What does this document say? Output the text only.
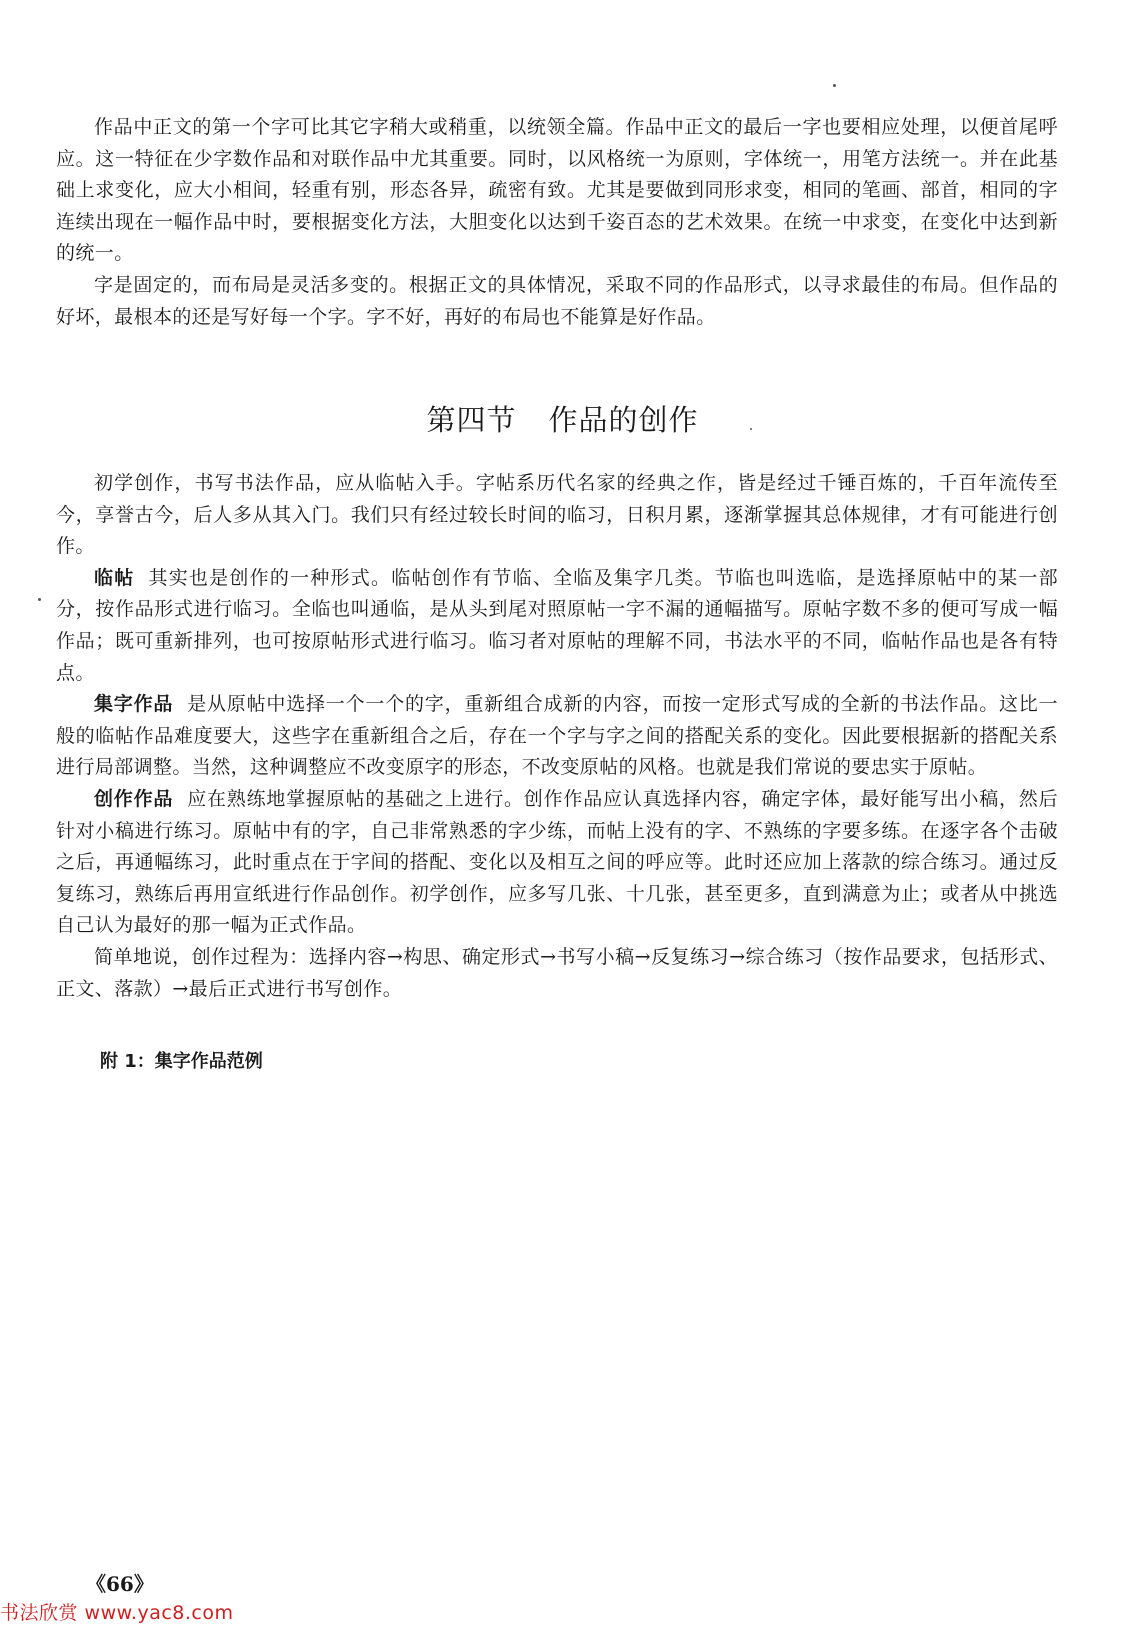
作品中正文的第一个字可比其它字稍大或稍重，以统领全篇。作品中正文的最后一字也要相应处理，以便首尾呼应。这一特征在少字数作品和对联作品中尤其重要。同时，以风格统一为原则，字体统一，用笔方法统一。并在此基础上求变化，应大小相间，轻重有别，形态各异，疏密有致。尤其是要做到同形求变，相同的笔画、部首，相同的字连续出现在一幅作品中时，要根据变化方法，大胆变化以达到千姿百态的艺术效果。在统一中求变，在变化中达到新的统一。

字是固定的，而布局是灵活多变的。根据正文的具体情况，采取不同的作品形式，以寻求最佳的布局。但作品的好坏，最根本的还是写好每一个字。字不好，再好的布局也不能算是好作品。

第四节 作品的创作

初学创作，书写书法作品，应从临帖入手。字帖系历代名家的经典之作，皆是经过千锤百炼的，千百年流传至今，享誉古今，后人多从其入门。我们只有经过较长时间的临习，日积月累，逐渐掌握其总体规律，才有可能进行创作。

临帖 其实也是创作的一种形式。临帖创作有节临、全临及集字几类。节临也叫选临，是选择原帖中的某一部分，按作品形式进行临习。全临也叫通临，是从头到尾对照原帖一字不漏的通幅描写。原帖字数不多的便可写成一幅作品；既可重新排列，也可按原帖形式进行临习。临习者对原帖的理解不同，书法水平的不同，临帖作品也是各有特点。

集字作品 是从原帖中选择一个一个的字，重新组合成新的内容，而按一定形式写成的全新的书法作品。这比一般的临帖作品难度要大，这些字在重新组合之后，存在一个字与字之间的搭配关系的变化。因此要根据新的搭配关系进行局部调整。当然，这种调整应不改变原字的形态，不改变原帖的风格。也就是我们常说的要忠实于原帖。

创作作品 应在熟练地掌握原帖的基础之上进行。创作作品应认真选择内容，确定字体，最好能写出小稿，然后针对小稿进行练习。原帖中有的字，自己非常熟悉的字少练，而帖上没有的字、不熟练的字要多练。在逐字各个击破之后，再通幅练习，此时重点在于字间的搭配、变化以及相互之间的呼应等。此时还应加上落款的综合练习。通过反复练习，熟练后再用宣纸进行作品创作。初学创作，应多写几张、十几张，甚至更多，直到满意为止；或者从中挑选自己认为最好的那一幅为正式作品。

简单地说，创作过程为：选择内容→构思、确定形式→书写小稿→反复练习→综合练习（按作品要求，包括形式、正文、落款）→最后正式进行书写创作。

附 1：集字作品范例
《66》
书法欣赏 www.yac8.com
